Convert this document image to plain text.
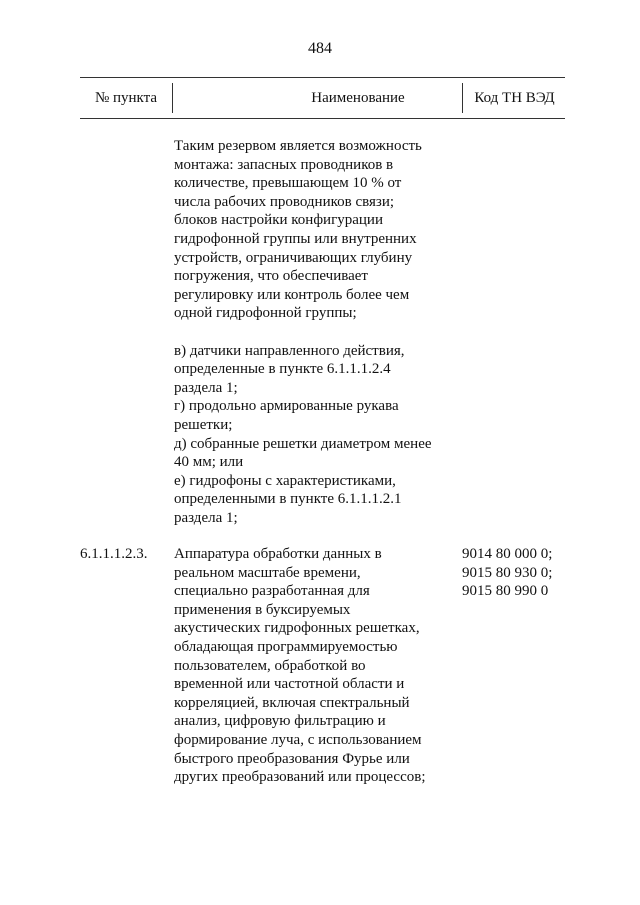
484
№ пункта	Наименование	Код ТН ВЭД
Таким резервом является возможность
монтажа: запасных проводников в
количестве, превышающем 10 % от
числа рабочих проводников связи;
блоков настройки конфигурации
гидрофонной группы или внутренних
устройств, ограничивающих глубину
погружения, что обеспечивает
регулировку или контроль более чем
одной гидрофонной группы;
в) датчики направленного действия,
определенные в пункте 6.1.1.1.2.4
раздела 1;
г) продольно армированные рукава
решетки;
д) собранные решетки диаметром менее
40 мм; или
е) гидрофоны с характеристиками,
определенными в пункте 6.1.1.1.2.1
раздела 1;
6.1.1.1.2.3. Аппаратура обработки данных в
реальном масштабе времени,
специально разработанная для
применения в буксируемых
акустических гидрофонных решетках,
обладающая программируемостью
пользователем, обработкой во
временной или частотной области и
корреляцией, включая спектральный
анализ, цифровую фильтрацию и
формирование луча, с использованием
быстрого преобразования Фурье или
других преобразований или процессов;
9014 80 000 0;
9015 80 930 0;
9015 80 990 0
